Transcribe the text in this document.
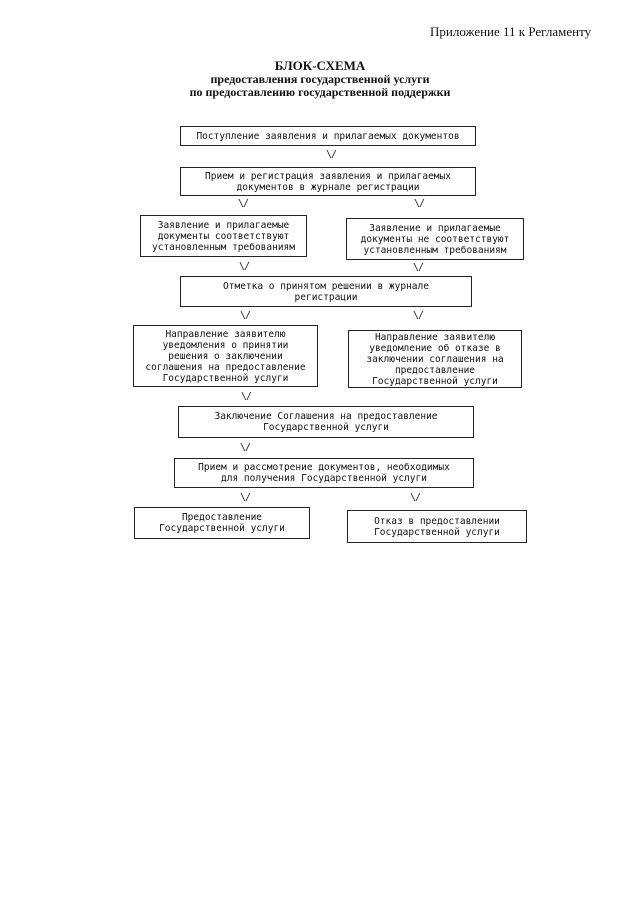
Приложение 11 к Регламенту
БЛОК-СХЕМА
предоставления государственной услуги
по предоставлению государственной поддержки
Поступление заявления и прилагаемых документов
\/
Прием и регистрация заявления и прилагаемых
документов в журнале регистрации
\/	\/
Заявление и прилагаемые
документы соответствуют
установленным требованиям
Заявление и прилагаемые
документы не соответствуют
установленным требованиям
\/	\/
Отметка о принятом решении в журнале
регистрации
\/	\/
Направление заявителю
уведомления о принятии
решения о заключении
соглашения на предоставление
Государственной услуги
Направление заявителю
уведомление об отказе в
заключении соглашения на
предоставление
Государственной услуги
\/
Заключение Соглашения на предоставление
Государственной услуги
\/
Прием и рассмотрение документов, необходимых
для получения Государственной услуги
\/	\/
Предоставление
Государственной услуги
Отказ в предоставлении
Государственной услуги
